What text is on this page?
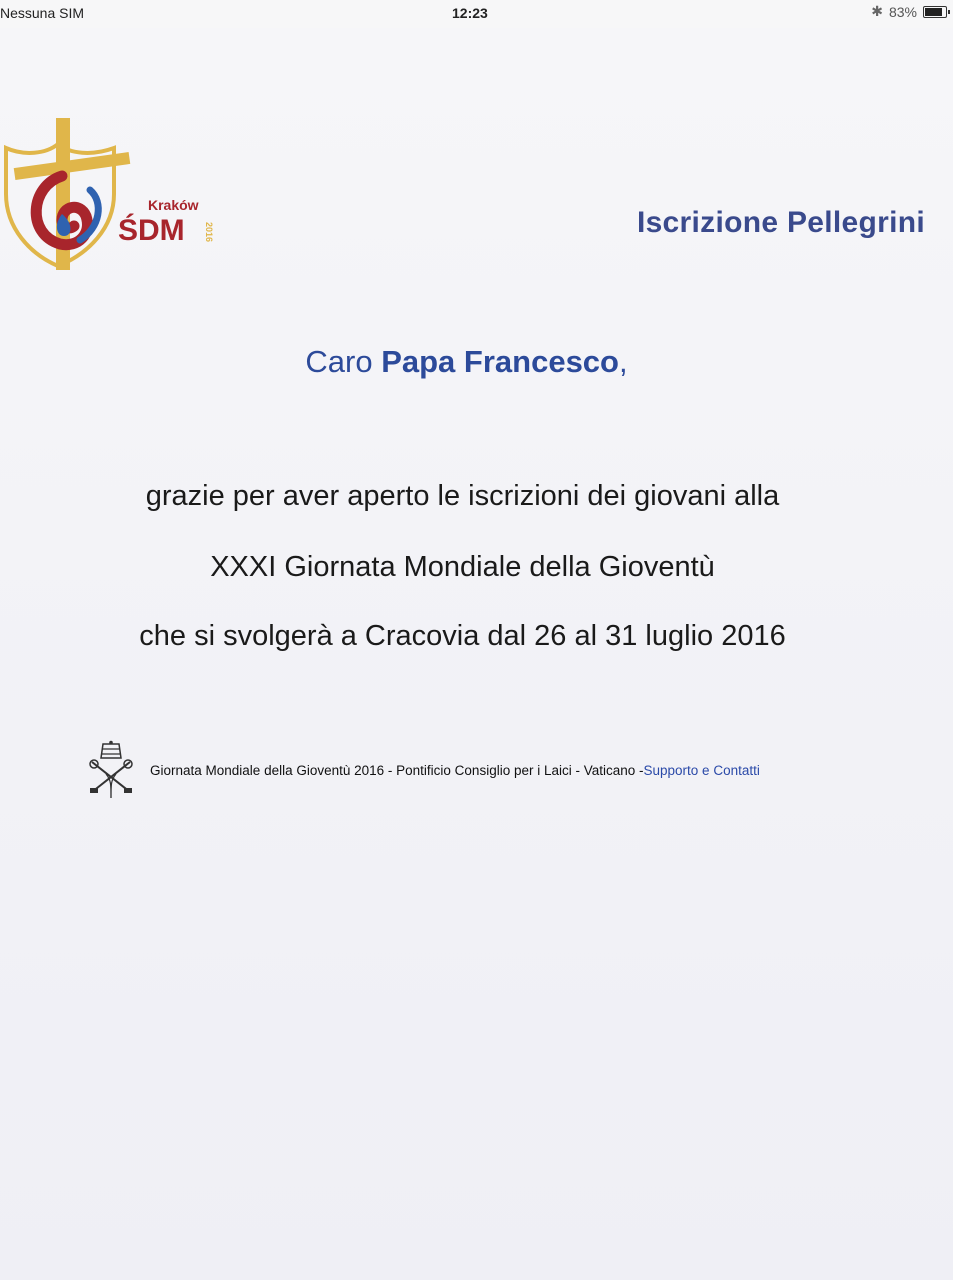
Nessuna SIM	12:23	✱ 83%
Kraków
ŚDM 2016	Iscrizione Pellegrini
Caro Papa Francesco,
grazie per aver aperto le iscrizioni dei giovani alla
XXXI Giornata Mondiale della Gioventù
che si svolgerà a Cracovia dal 26 al 31 luglio 2016
Giornata Mondiale della Gioventù 2016 - Pontificio Consiglio per i Laici - Vaticano -Supporto e Contatti
